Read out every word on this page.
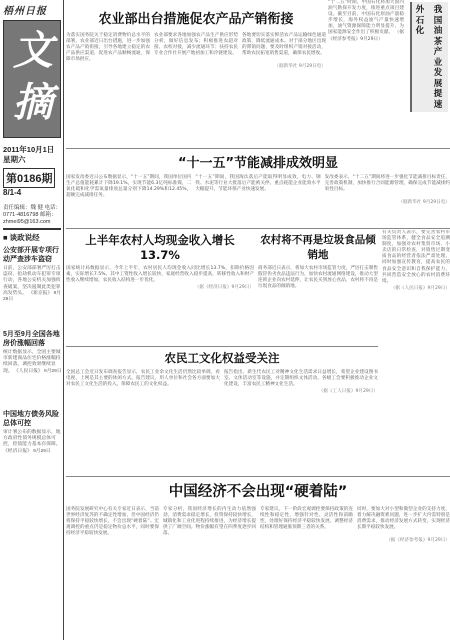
梧州日报
文
摘
2011年10月1日
星期六
第0186期
8/1-4
责任编辑：魏 健 电话：0771-4816798 邮箱：zhmei95@163.com
■ 谈政说经
公安部开展专项行动严查涉车盗窃
日前，公安部部署严厉打击盗窃、抢劫机动车犯罪专项行动，各地公安机关加强侦查破案，坚决遏制此类犯罪高发势头。 《新京报》 9月29日
5月至9月全国各地房价涨幅回落
统计数据显示，全国主要城市新建商品住宅价格涨幅持续回落，调控效果继续显现。 《人民日报》 9月29日
中国地方债务风险总体可控
审计署公布的数据显示，地方政府性债务规模总体可控，偿债能力基本有保障。 《经济日报》 9月29日
农业部出台措施促农产品产销衔接

为落实国务院关于稳定消费物价总水平的部署，农业部近日出台措施，进一步加强农产品产销衔接，引导各地建立稳定的农产品供应渠道，促进农产品顺畅流通，保障市场供应。

农业部要求各地加强农产品生产供应形势分析，做好信息发布；积极推进农超对接、农校对接，减少流通环节；扶持农民专业合作社开展产地初加工和冷链建设。

各地要切实落实鲜活农产品运输绿色通道政策，降低流通成本。对于部分地区出现的滞销问题，要及时组织产销对接活动，帮助农民拓宽销售渠道，确保农民增收。

（据新华社 9月29日电）

“十二五”时期，中国石化将加大国内油气勘探开发力度，推进重点项目建设。截至目前，中国石化原油产量稳步增长，海外权益油气产量快速增加，油气资源保障能力明显提升，为国家能源安全作出了积极贡献。 （据《经济参考报》9月29日）

我
国
油
茶
产
业
发
展
提
速
外
石
化
“十一五”节能减排成效明显

国家发改委近日公布数据显示，“十一五”期间，我国单位国内生产总值能耗累计下降19.1%，实现节能6.3亿吨标准煤，二氧化硫和化学需氧量排放总量分别下降14.29%和12.45%，超额完成减排任务。

“十一五”期间，我国淘汰落后产能取得明显成效，电力、钢铁、水泥等行业大批落后产能被关停。重点耗能企业能效水平大幅提升，节能环保产业快速发展。

发改委表示，“十二五”期间将进一步强化节能减排目标责任，完善政策机制，加快推行合同能源管理，确保完成节能减排约束性目标。

（据新华社 9月29日电）
上半年农村人均现金收入增长13.7%

国家统计局数据显示，今年上半年，农村居民人均现金收入同比增长13.7%，扣除价格因素，实际增长7.5%。其中工资性收入增长较快，家庭经营收入稳步提高，转移性收入和财产性收入继续增加，农民收入结构进一步优化。

（据《经济日报》9月29日）
农村将不再是垃圾食品倾销地

商务部近日表示，将加大农村市场监管力度，严厉打击制售假冒伪劣食品违法行为，加快农村流通网络建设，推动大型连锁企业向农村延伸，让农民买到放心食品，农村将不再是垃圾食品的倾销地。

有关负责人表示，要完善农村市场监管体系，健全食品安全追溯制度，加强对农村集贸市场、小卖店的日常检查，对销售过期变质食品的经营者依法严肃处理。同时加强宣传教育，提高农民的食品安全意识和自我保护能力，共同营造安全放心的农村消费环境。

（据《人民日报》9月29日）
农民工文化权益受关注

全国总工会近日发布调查报告显示，农民工业余文化生活仍然比较单调，看电视、上网是其主要的休闲方式。报告建议，用人单位和社会各方面要加大对农民工文化生活的投入，保障农民工的文化权益。

报告指出，新生代农民工对精神文化生活需求日益增长，希望企业建设图书室、文体活动室等设施，并定期组织文体活动。各级工会要积极推动企业文化建设，丰富农民工精神文化生活。

（据《工人日报》9月29日）
中国经济不会出现“硬着陆”

国务院发展研究中心有关专家近日表示，当前世界经济复苏的不确定性增加，但中国经济仍将保持平稳较快增长，不会出现“硬着陆”。宏观调控的重点仍是稳定物价总水平，同时要保持经济平稳较快发展。

专家分析，我国经济增长的内生动力依然强劲，消费需求稳定增长，投资保持较快增长，城镇化和工业化进程持续推进，为经济增长提供了广阔空间。物价涨幅有望在四季度逐步回落。

专家建议，下一阶段宏观调控要保持政策的连续性和稳定性，增强针对性、灵活性和前瞻性，处理好保持经济平稳较快发展、调整经济结构和管理通胀预期三者的关系。

同时，要加大对小型和微型企业的支持力度，着力解决融资难问题，进一步扩大内需特别是消费需求，推动经济发展方式转变，实现经济长期平稳较快发展。

（据《经济参考报》9月29日）
